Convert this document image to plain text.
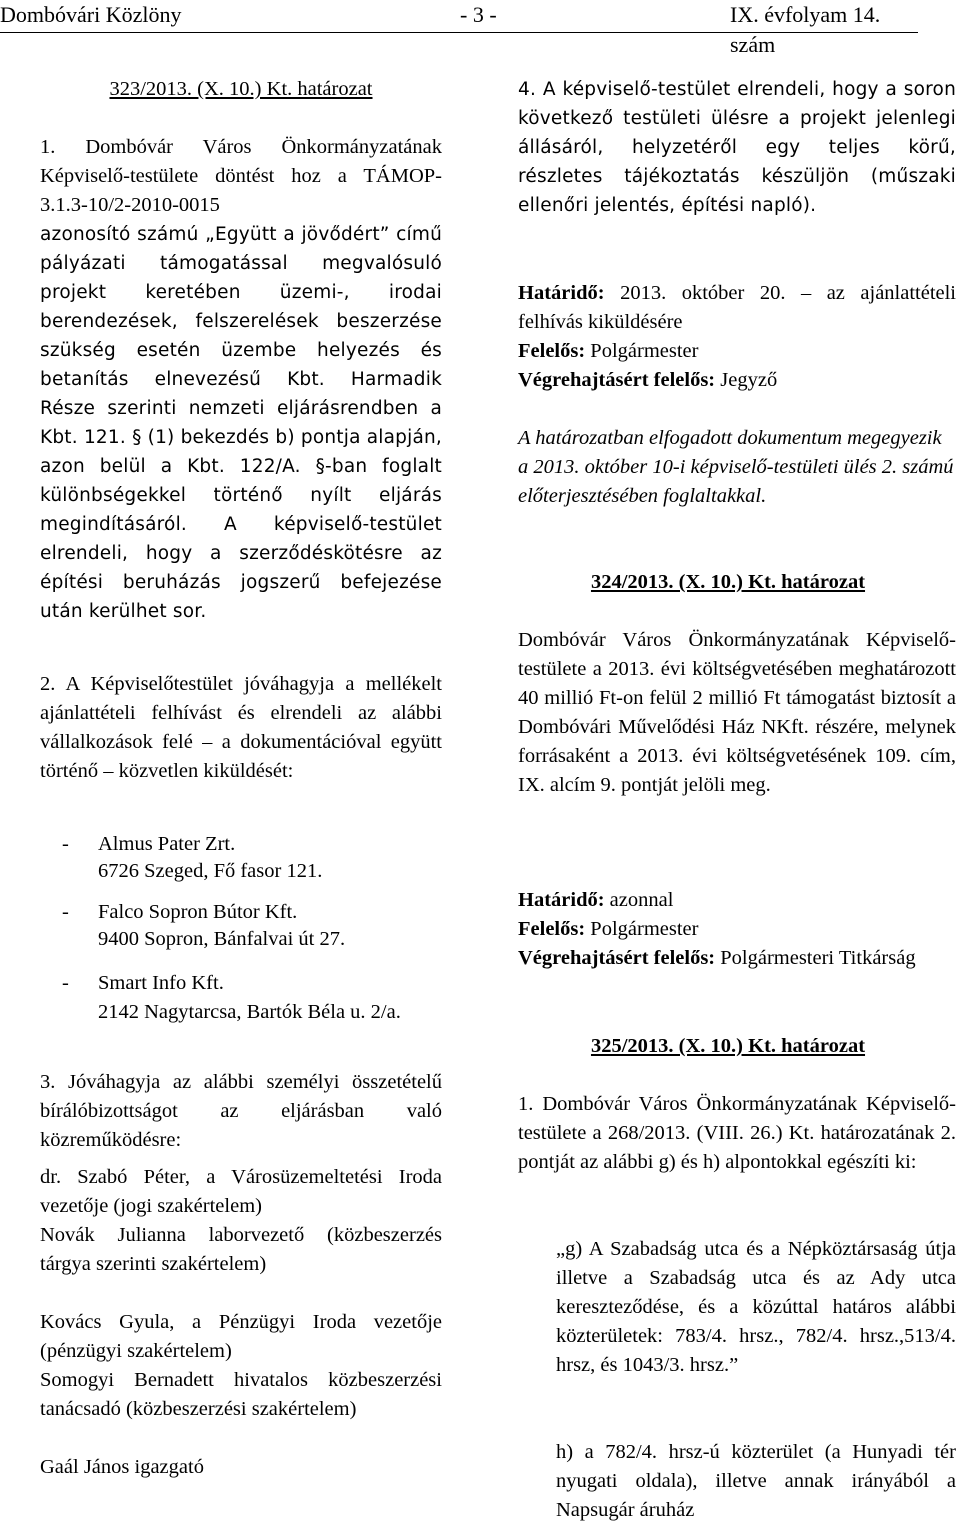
Dombóvári Közlöny	- 3 -	IX. évfolyam 14. szám
323/2013. (X. 10.) Kt. határozat
1. Dombóvár Város Önkormányzatának Képviselő-testülete döntést hoz a TÁMOP-3.1.3-10/2-2010-0015
azonosító számú „Együtt a jövődért” című pályázati támogatással megvalósuló projekt keretében üzemi-, irodai berendezések, felszerelések beszerzése szükség esetén üzembe helyezés és betanítás elnevezésű Kbt. Harmadik Része szerinti nemzeti eljárásrendben a Kbt. 121. § (1) bekezdés b) pontja alapján, azon belül a Kbt. 122/A. §-ban foglalt különbségekkel történő nyílt eljárás megindításáról. A képviselő-testület elrendeli, hogy a szerződéskötésre az építési beruházás jogszerű befejezése után kerülhet sor.
2. A Képviselőtestület jóváhagyja a mellékelt ajánlattételi felhívást és elrendeli az alábbi vállalkozások felé – a dokumentációval együtt történő – közvetlen kiküldését:
- Almus Pater Zrt.
6726 Szeged, Fő fasor 121.
- Falco Sopron Bútor Kft.
9400 Sopron, Bánfalvai út 27.
- Smart Info Kft.
2142 Nagytarcsa, Bartók Béla u. 2/a.
3. Jóváhagyja az alábbi személyi összetételű bírálóbizottságot az eljárásban való közreműködésre:
dr. Szabó Péter, a Városüzemeltetési Iroda vezetője (jogi szakértelem)
Novák Julianna laborvezető (közbeszerzés tárgya szerinti szakértelem)
Kovács Gyula, a Pénzügyi Iroda vezetője (pénzügyi szakértelem)
Somogyi Bernadett hivatalos közbeszerzési tanácsadó (közbeszerzési szakértelem)
Gaál János igazgató
4. A képviselő-testület elrendeli, hogy a soron következő testületi ülésre a projekt jelenlegi állásáról, helyzetéről egy teljes körű, részletes tájékoztatás készüljön (műszaki ellenőri jelentés, építési napló).
Határidő: 2013. október 20. – az ajánlattételi felhívás kiküldésére
Felelős: Polgármester
Végrehajtásért felelős: Jegyző
A határozatban elfogadott dokumentum megegyezik a 2013. október 10-i képviselő-testületi ülés 2. számú előterjesztésében foglaltakkal.
324/2013. (X. 10.) Kt. határozat
Dombóvár Város Önkormányzatának Képviselő-testülete a 2013. évi költségvetésében meghatározott 40 millió Ft-on felül 2 millió Ft támogatást biztosít a Dombóvári Művelődési Ház NKft. részére, melynek forrásaként a 2013. évi költségvetésének 109. cím, IX. alcím 9. pontját jelöli meg.
Határidő: azonnal
Felelős: Polgármester
Végrehajtásért felelős: Polgármesteri Titkárság
325/2013. (X. 10.) Kt. határozat
1. Dombóvár Város Önkormányzatának Képviselő-testülete a 268/2013. (VIII. 26.) Kt. határozatának 2. pontját az alábbi g) és h) alpontokkal egészíti ki:
„g) A Szabadság utca és a Népköztársaság útja illetve a Szabadság utca és az Ady utca kereszteződése, és a közúttal határos alábbi közterületek: 783/4. hrsz., 782/4. hrsz.,513/4. hrsz, és 1043/3. hrsz.”
h) a 782/4. hrsz-ú közterület (a Hunyadi tér nyugati oldala), illetve annak irányából a Napsugár áruház
